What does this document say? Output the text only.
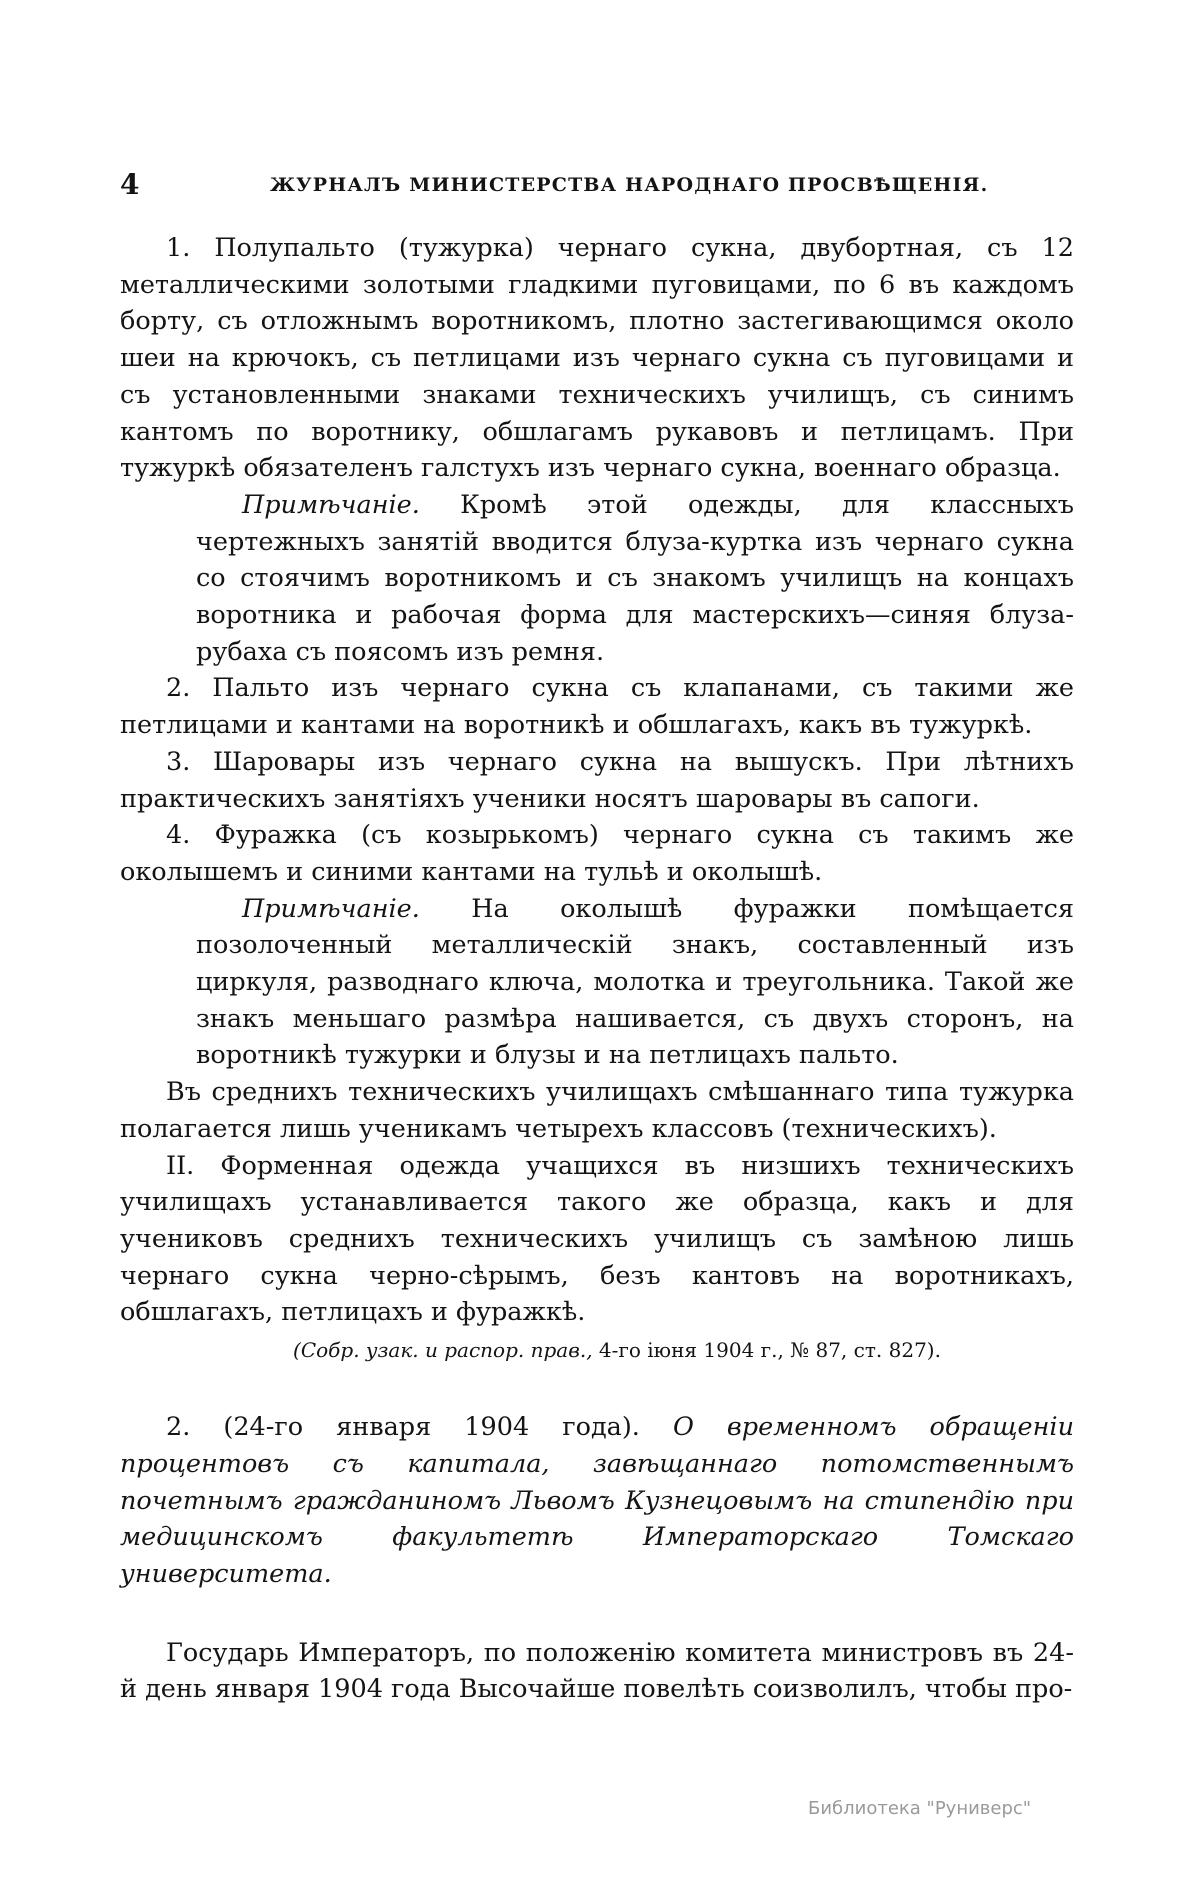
4	ЖУРНАЛЪ МИНИСТЕРСТВА НАРОДНАГО ПРОСВѢЩЕНІЯ.

1. Полупальто (тужурка) чернаго сукна, двубортная, съ 12 металлическими золотыми гладкими пуговицами, по 6 въ каждомъ борту, съ отложнымъ воротникомъ, плотно застегивающимся около шеи на крючокъ, съ петлицами изъ чернаго сукна съ пуговицами и съ установленными знаками техническихъ училищъ, съ синимъ кантомъ по воротнику, обшлагамъ рукавовъ и петлицамъ. При тужуркѣ обязателенъ галстухъ изъ чернаго сукна, военнаго образца.

Примѣчаніе. Кромѣ этой одежды, для классныхъ чертежныхъ занятій вводится блуза-куртка изъ чернаго сукна со стоячимъ воротникомъ и съ знакомъ училищъ на концахъ воротника и рабочая форма для мастерскихъ—синяя блуза-рубаха съ поясомъ изъ ремня.

2. Пальто изъ чернаго сукна съ клапанами, съ такими же петлицами и кантами на воротникѣ и обшлагахъ, какъ въ тужуркѣ.

3. Шаровары изъ чернаго сукна на вышускъ. При лѣтнихъ практическихъ занятіяхъ ученики носятъ шаровары въ сапоги.

4. Фуражка (съ козырькомъ) чернаго сукна съ такимъ же околышемъ и синими кантами на тульѣ и околышѣ.

Примѣчаніе. На околышѣ фуражки помѣщается позолоченный металлическій знакъ, составленный изъ циркуля, разводнаго ключа, молотка и треугольника. Такой же знакъ меньшаго размѣра нашивается, съ двухъ сторонъ, на воротникѣ тужурки и блузы и на петлицахъ пальто.

Въ среднихъ техническихъ училищахъ смѣшаннаго типа тужурка полагается лишь ученикамъ четырехъ классовъ (техническихъ).

II. Форменная одежда учащихся въ низшихъ техническихъ училищахъ устанавливается такого же образца, какъ и для учениковъ среднихъ техническихъ училищъ съ замѣною лишь чернаго сукна черно-сѣрымъ, безъ кантовъ на воротникахъ, обшлагахъ, петлицахъ и фуражкѣ.

(Собр. узак. и распор. прав., 4-го іюня 1904 г., № 87, ст. 827).

2. (24-го января 1904 года). О временномъ обращеніи процентовъ съ капитала, завѣщаннаго потомственнымъ почетнымъ гражданиномъ Львомъ Кузнецовымъ на стипендію при медицинскомъ факультетѣ Императорскаго Томскаго университета.

Государь Императоръ, по положенію комитета министровъ въ 24-й день января 1904 года Высочайше повелѣть соизволилъ, чтобы про-

Библиотека "Руниверс"
